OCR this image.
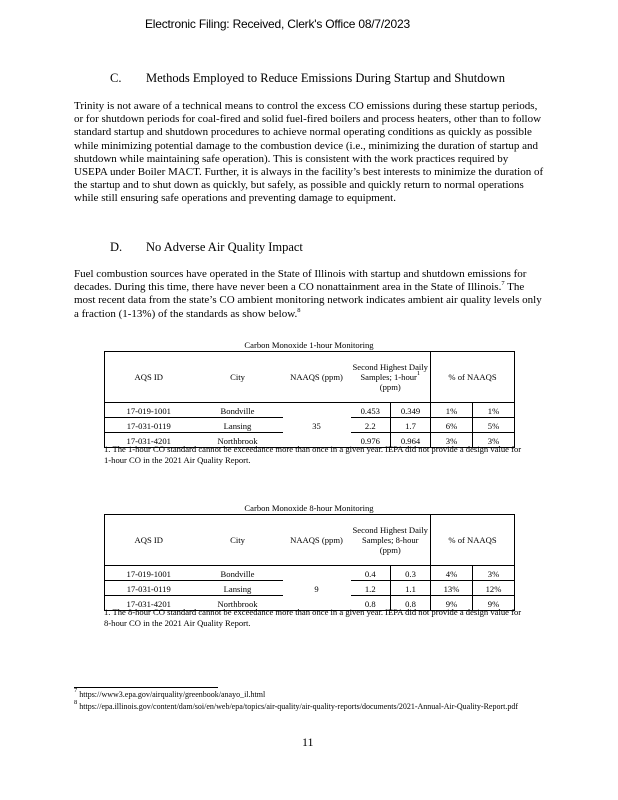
Electronic Filing: Received, Clerk's Office 08/7/2023
C. Methods Employed to Reduce Emissions During Startup and Shutdown

Trinity is not aware of a technical means to control the excess CO emissions during these startup periods, or for shutdown periods for coal-fired and solid fuel-fired boilers and process heaters, other than to follow standard startup and shutdown procedures to achieve normal operating conditions as quickly as possible while minimizing potential damage to the combustion device (i.e., minimizing the duration of startup and shutdown while maintaining safe operation). This is consistent with the work practices required by USEPA under Boiler MACT. Further, it is always in the facility’s best interests to minimize the duration of the startup and to shut down as quickly, but safely, as possible and quickly return to normal operations while still ensuring safe operations and preventing damage to equipment.

D. No Adverse Air Quality Impact

Fuel combustion sources have operated in the State of Illinois with startup and shutdown emissions for decades. During this time, there have never been a CO nonattainment area in the State of Illinois.$^7$ The most recent data from the state’s CO ambient monitoring network indicates ambient air quality levels only a fraction (1-13%) of the standards as show below.$^8$

Carbon Monoxide 1-hour Monitoring
AQS ID	City	NAAQS (ppm)	Second Highest Daily Samples; 1-hour$^1$
(ppm)		% of NAAQS	
17-019-1001	Bondville	35	0.453	0.349	1%	1%
17-031-0119	Lansing		2.2	1.7	6%	5%
17-031-4201	Northbrook		0.976	0.964	3%	3%

1. The 1-hour CO standard cannot be exceedance more than once in a given year. IEPA did not provide a design value for 1-hour CO in the 2021 Air Quality Report.

Carbon Monoxide 8-hour Monitoring
AQS ID	City	NAAQS (ppm)	Second Highest Daily Samples; 8-hour
(ppm)		% of NAAQS	
17-019-1001	Bondville	9	0.4	0.3	4%	3%
17-031-0119	Lansing		1.2	1.1	13%	12%
17-031-4201	Northbrook		0.8	0.8	9%	9%

1. The 8-hour CO standard cannot be exceedance more than once in a given year. IEPA did not provide a design value for 8-hour CO in the 2021 Air Quality Report.

$^7$ https://www3.epa.gov/airquality/greenbook/anayo_il.html

$^8$ https://epa.illinois.gov/content/dam/soi/en/web/epa/topics/air-quality/air-quality-reports/documents/2021-Annual-Air-Quality-Report.pdf

11
